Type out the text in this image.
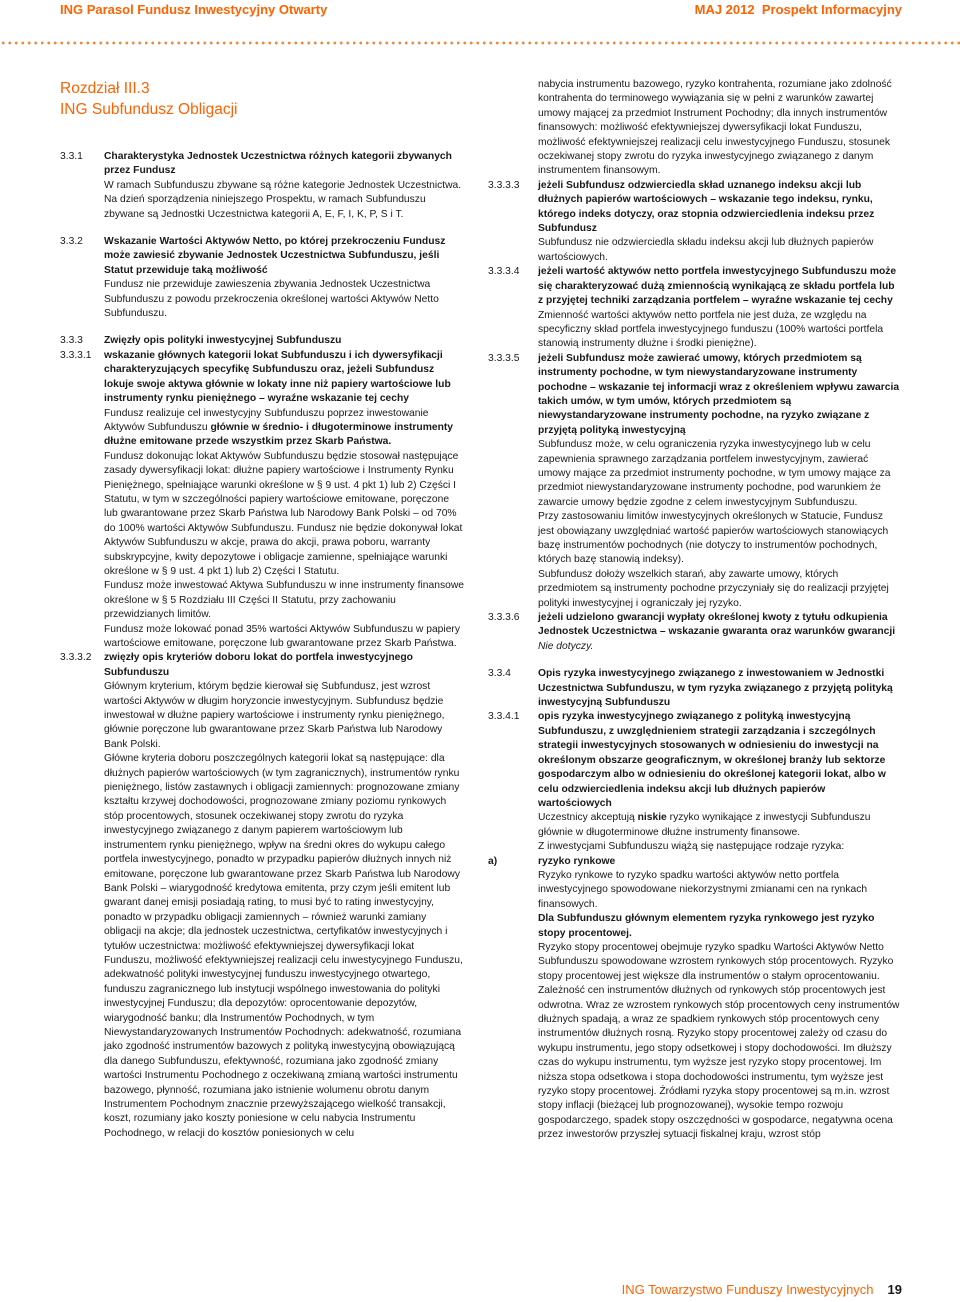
ING Parasol Fundusz Inwestycyjny Otwarty	MAJ 2012 Prospekt Informacyjny
Rozdział III.3
ING Subfundusz Obligacji
3.3.1	Charakterystyka Jednostek Uczestnictwa różnych kategorii zbywanych przez Fundusz

W ramach Subfunduszu zbywane są różne kategorie Jednostek Uczestnictwa. Na dzień sporządzenia niniejszego Prospektu, w ramach Subfunduszu zbywane są Jednostki Uczestnictwa kategorii A, E, F, I, K, P, S i T.

3.3.2	Wskazanie Wartości Aktywów Netto, po której przekroczeniu Fundusz może zawiesić zbywanie Jednostek Uczestnictwa Subfunduszu, jeśli Statut przewiduje taką możliwość

Fundusz nie przewiduje zawieszenia zbywania Jednostek Uczestnictwa Subfunduszu z powodu przekroczenia określonej wartości Aktywów Netto Subfunduszu.

3.3.3	Zwięzły opis polityki inwestycyjnej Subfunduszu
3.3.3.1	wskazanie głównych kategorii lokat Subfunduszu i ich dywersyfikacji charakteryzujących specyfikę Subfunduszu oraz, jeżeli Subfundusz lokuje swoje aktywa głównie w lokaty inne niż papiery wartościowe lub instrumenty rynku pieniężnego – wyraźne wskazanie tej cechy

Fundusz realizuje cel inwestycyjny Subfunduszu poprzez inwestowanie Aktywów Subfunduszu głównie w średnio- i długoterminowe instrumenty dłużne emitowane przede wszystkim przez Skarb Państwa.

Fundusz dokonując lokat Aktywów Subfunduszu będzie stosował następujące zasady dywersyfikacji lokat: dłużne papiery wartościowe i Instrumenty Rynku Pieniężnego, spełniające warunki określone w § 9 ust. 4 pkt 1) lub 2) Części I Statutu, w tym w szczególności papiery wartościowe emitowane, poręczone lub gwarantowane przez Skarb Państwa lub Narodowy Bank Polski – od 70% do 100% wartości Aktywów Subfunduszu. Fundusz nie będzie dokonywał lokat Aktywów Subfunduszu w akcje, prawa do akcji, prawa poboru, warranty subskrypcyjne, kwity depozytowe i obligacje zamienne, spełniające warunki określone w § 9 ust. 4 pkt 1) lub 2) Części I Statutu.

Fundusz może inwestować Aktywa Subfunduszu w inne instrumenty finansowe określone w § 5 Rozdziału III Części II Statutu, przy zachowaniu przewidzianych limitów.

Fundusz może lokować ponad 35% wartości Aktywów Subfunduszu w papiery wartościowe emitowane, poręczone lub gwarantowane przez Skarb Państwa.

3.3.3.2	zwięzły opis kryteriów doboru lokat do portfela inwestycyjnego Subfunduszu

Głównym kryterium, którym będzie kierował się Subfundusz, jest wzrost wartości Aktywów w długim horyzoncie inwestycyjnym. Subfundusz będzie inwestował w dłużne papiery wartościowe i instrumenty rynku pieniężnego, głównie poręczone lub gwarantowane przez Skarb Państwa lub Narodowy Bank Polski.

Główne kryteria doboru poszczególnych kategorii lokat są następujące: dla dłużnych papierów wartościowych (w tym zagranicznych), instrumentów rynku pieniężnego, listów zastawnych i obligacji zamiennych: prognozowane zmiany kształtu krzywej dochodowości, prognozowane zmiany poziomu rynkowych stóp procentowych, stosunek oczekiwanej stopy zwrotu do ryzyka inwestycyjnego związanego z danym papierem wartościowym lub instrumentem rynku pieniężnego, wpływ na średni okres do wykupu całego portfela inwestycyjnego, ponadto w przypadku papierów dłużnych innych niż emitowane, poręczone lub gwarantowane przez Skarb Państwa lub Narodowy Bank Polski – wiarygodność kredytowa emitenta, przy czym jeśli emitent lub gwarant danej emisji posiadają rating, to musi być to rating inwestycyjny, ponadto w przypadku obligacji zamiennych – również warunki zamiany obligacji na akcje; dla jednostek uczestnictwa, certyfikatów inwestycyjnych i tytułów uczestnictwa: możliwość efektywniejszej dywersyfikacji lokat Funduszu, możliwość efektywniejszej realizacji celu inwestycyjnego Funduszu, adekwatność polityki inwestycyjnej funduszu inwestycyjnego otwartego, funduszu zagranicznego lub instytucji wspólnego inwestowania do polityki inwestycyjnej Funduszu; dla depozytów: oprocentowanie depozytów, wiarygodność banku; dla Instrumentów Pochodnych, w tym Niewystandaryzowanych Instrumentów Pochodnych: adekwatność, rozumiana jako zgodność instrumentów bazowych z polityką inwestycyjną obowiązującą dla danego Subfunduszu, efektywność, rozumiana jako zgodność zmiany wartości Instrumentu Pochodnego z oczekiwaną zmianą wartości instrumentu bazowego, płynność, rozumiana jako istnienie wolumenu obrotu danym Instrumentem Pochodnym znacznie przewyższającego wielkość transakcji, koszt, rozumiany jako koszty poniesione w celu nabycia Instrumentu Pochodnego, w relacji do kosztów poniesionych w celu

nabycia instrumentu bazowego, ryzyko kontrahenta, rozumiane jako zdolność kontrahenta do terminowego wywiązania się w pełni z warunków zawartej umowy mającej za przedmiot Instrument Pochodny; dla innych instrumentów finansowych: możliwość efektywniejszej dywersyfikacji lokat Funduszu, możliwość efektywniejszej realizacji celu inwestycyjnego Funduszu, stosunek oczekiwanej stopy zwrotu do ryzyka inwestycyjnego związanego z danym instrumentem finansowym.

3.3.3.3	jeżeli Subfundusz odzwierciedla skład uznanego indeksu akcji lub dłużnych papierów wartościowych – wskazanie tego indeksu, rynku, którego indeks dotyczy, oraz stopnia odzwierciedlenia indeksu przez Subfundusz

Subfundusz nie odzwierciedla składu indeksu akcji lub dłużnych papierów wartościowych.

3.3.3.4	jeżeli wartość aktywów netto portfela inwestycyjnego Subfunduszu może się charakteryzować dużą zmiennością wynikającą ze składu portfela lub z przyjętej techniki zarządzania portfelem – wyraźne wskazanie tej cechy

Zmienność wartości aktywów netto portfela nie jest duża, ze względu na specyficzny skład portfela inwestycyjnego funduszu (100% wartości portfela stanowią instrumenty dłużne i środki pieniężne).

3.3.3.5	jeżeli Subfundusz może zawierać umowy, których przedmiotem są instrumenty pochodne, w tym niewystandaryzowane instrumenty pochodne – wskazanie tej informacji wraz z określeniem wpływu zawarcia takich umów, w tym umów, których przedmiotem są niewystandaryzowane instrumenty pochodne, na ryzyko związane z przyjętą polityką inwestycyjną

Subfundusz może, w celu ograniczenia ryzyka inwestycyjnego lub w celu zapewnienia sprawnego zarządzania portfelem inwestycyjnym, zawierać umowy mające za przedmiot instrumenty pochodne, w tym umowy mające za przedmiot niewystandaryzowane instrumenty pochodne, pod warunkiem że zawarcie umowy będzie zgodne z celem inwestycyjnym Subfunduszu.

Przy zastosowaniu limitów inwestycyjnych określonych w Statucie, Fundusz jest obowiązany uwzględniać wartość papierów wartościowych stanowiących bazę instrumentów pochodnych (nie dotyczy to instrumentów pochodnych, których bazę stanowią indeksy).

Subfundusz dołoży wszelkich starań, aby zawarte umowy, których przedmiotem są instrumenty pochodne przyczyniały się do realizacji przyjętej polityki inwestycyjnej i ograniczały jej ryzyko.

3.3.3.6	jeżeli udzielono gwarancji wypłaty określonej kwoty z tytułu odkupienia Jednostek Uczestnictwa – wskazanie gwaranta oraz warunków gwarancji

Nie dotyczy.

3.3.4	Opis ryzyka inwestycyjnego związanego z inwestowaniem w Jednostki Uczestnictwa Subfunduszu, w tym ryzyka związanego z przyjętą polityką inwestycyjną Subfunduszu
3.3.4.1	opis ryzyka inwestycyjnego związanego z polityką inwestycyjną Subfunduszu, z uwzględnieniem strategii zarządzania i szczególnych strategii inwestycyjnych stosowanych w odniesieniu do inwestycji na określonym obszarze geograficznym, w określonej branży lub sektorze gospodarczym albo w odniesieniu do określonej kategorii lokat, albo w celu odzwierciedlenia indeksu akcji lub dłużnych papierów wartościowych

Uczestnicy akceptują niskie ryzyko wynikające z inwestycji Subfunduszu głównie w długoterminowe dłużne instrumenty finansowe.

Z inwestycjami Subfunduszu wiążą się następujące rodzaje ryzyka:

a)	ryzyko rynkowe

Ryzyko rynkowe to ryzyko spadku wartości aktywów netto portfela inwestycyjnego spowodowane niekorzystnymi zmianami cen na rynkach finansowych.

Dla Subfunduszu głównym elementem ryzyka rynkowego jest ryzyko stopy procentowej.

Ryzyko stopy procentowej obejmuje ryzyko spadku Wartości Aktywów Netto Subfunduszu spowodowane wzrostem rynkowych stóp procentowych. Ryzyko stopy procentowej jest większe dla instrumentów o stałym oprocentowaniu. Zależność cen instrumentów dłużnych od rynkowych stóp procentowych jest odwrotna. Wraz ze wzrostem rynkowych stóp procentowych ceny instrumentów dłużnych spadają, a wraz ze spadkiem rynkowych stóp procentowych ceny instrumentów dłużnych rosną. Ryzyko stopy procentowej zależy od czasu do wykupu instrumentu, jego stopy odsetkowej i stopy dochodowości. Im dłuższy czas do wykupu instrumentu, tym wyższe jest ryzyko stopy procentowej. Im niższa stopa odsetkowa i stopa dochodowości instrumentu, tym wyższe jest ryzyko stopy procentowej. Źródłami ryzyka stopy procentowej są m.in. wzrost stopy inflacji (bieżącej lub prognozowanej), wysokie tempo rozwoju gospodarczego, spadek stopy oszczędności w gospodarce, negatywna ocena przez inwestorów przyszłej sytuacji fiskalnej kraju, wzrost stóp

ING Towarzystwo Funduszy Inwestycyjnych 19
